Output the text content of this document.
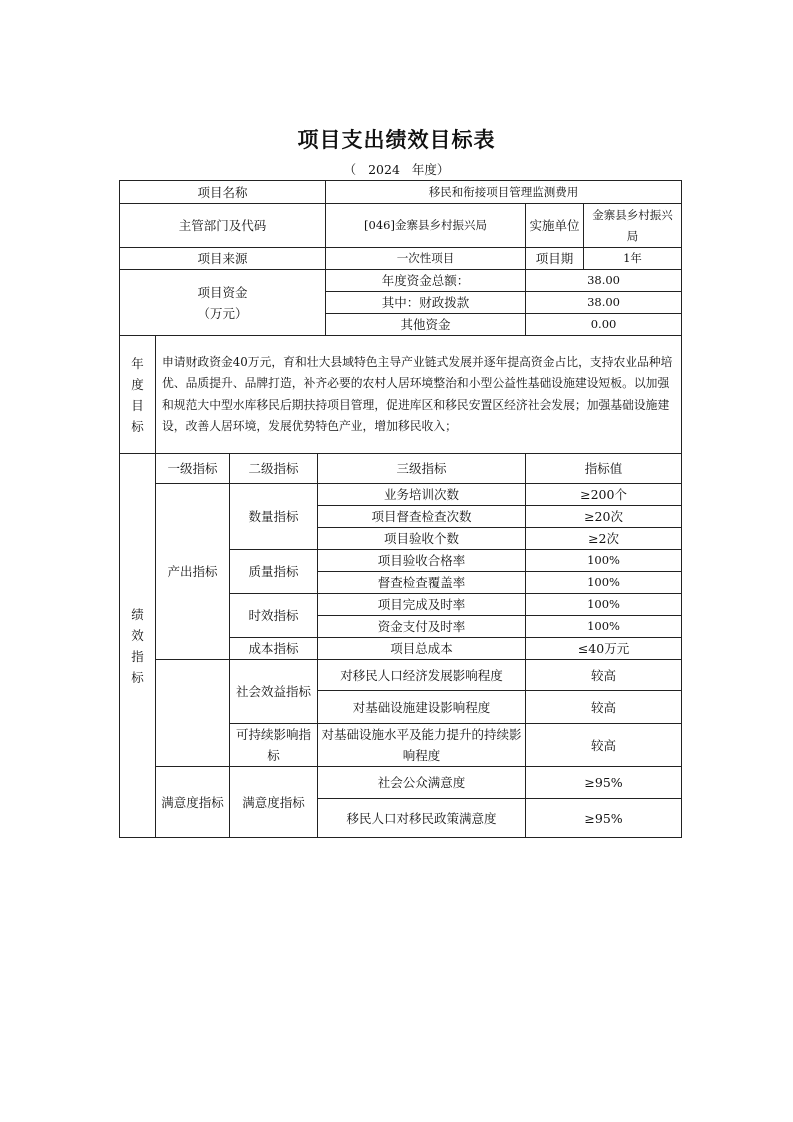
项目支出绩效目标表
（ 2024 年度）
项目名称				移民和衔接项目管理监测费用		
主管部门及代码				[046]金寨县乡村振兴局	实施单位	金寨县乡村振兴局
项目来源				一次性项目	项目期	1年

项目资金
（万元）				年度资金总额：	38.00	
				其中：财政拨款	38.00	
				其他资金	0.00	

年
度
目
标	申请财政资金40万元，育和壮大县域特色主导产业链式发展并逐年提高资金占比，支持农业品种培优、品质提升、品牌打造，补齐必要的农村人居环境整治和小型公益性基础设施建设短板。以加强和规范大中型水库移民后期扶持项目管理，促进库区和移民安置区经济社会发展；加强基础设施建设，改善人居环境，发展优势特色产业，增加移民收入；					

绩
效
指
标	一级指标	二级指标	三级指标		指标值	
	产出指标	数量指标	业务培训次数		≥200个	
			项目督查检查次数		≥20次	
			项目验收个数		≥2次	
		质量指标	项目验收合格率		100%	
			督查检查覆盖率		100%	
		时效指标	项目完成及时率		100%	
			资金支付及时率		100%	
		成本指标	项目总成本		≤40万元	
		社会效益指标	对移民人口经济发展影响程度		较高	
			对基础设施建设影响程度		较高	
		可持续影响指标	对基础设施水平及能力提升的持续影响程度		较高	

	满意度指标	满意度指标	社会公众满意度		≥95%	
			移民人口对移民政策满意度		≥95%	
